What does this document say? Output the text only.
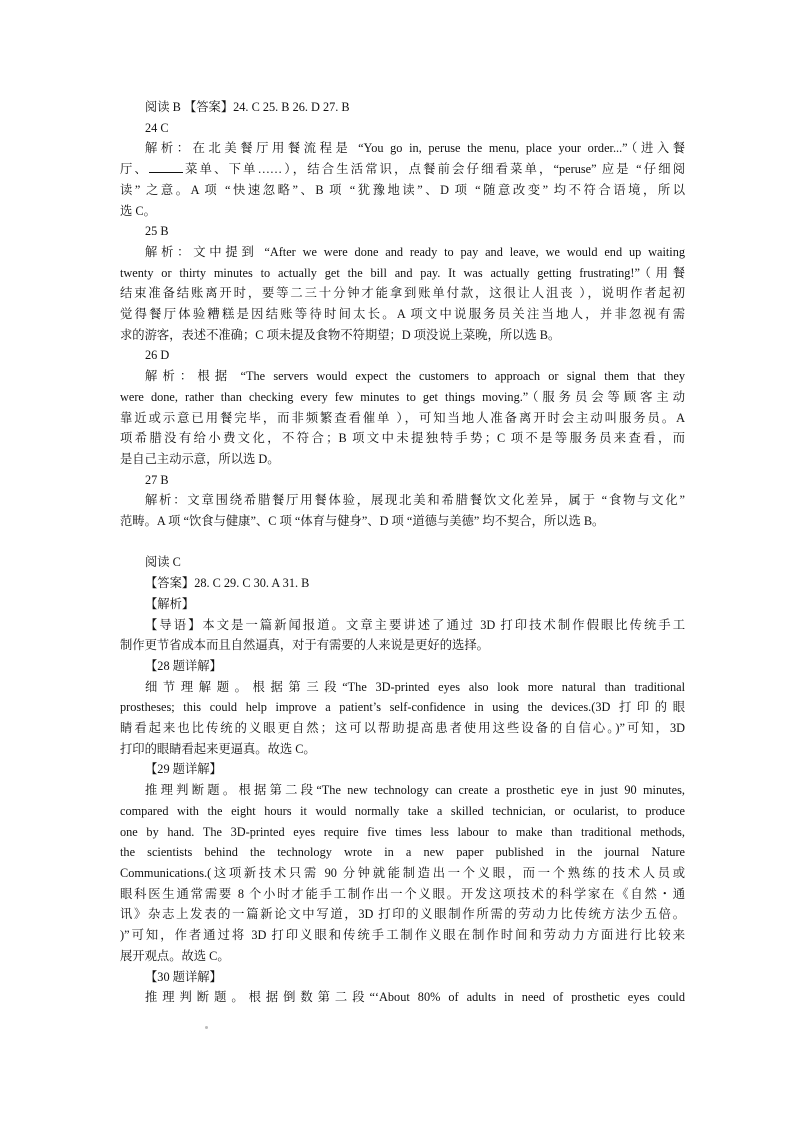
阅读 B 【答案】24. C 25. B 26. D 27. B
24 C
解析：在北美餐厅用餐流程是 “You go in, peruse the menu, place your order...”（进入餐
厅、	菜单、下单……），结合生活常识，点餐前会仔细看菜单，“peruse” 应是 “仔细阅
读” 之意。A 项 “快速忽略”、B 项 “犹豫地读”、D 项 “随意改变” 均不符合语境，所以
选 C。
25 B
解析：文中提到 “After we were done and ready to pay and leave, we would end up waiting
twenty or thirty minutes to actually get the bill and pay. It was actually getting frustrating!”（用餐
结束准备结账离开时，要等二三十分钟才能拿到账单付款，这很让人沮丧 ），说明作者起初
觉得餐厅体验糟糕是因结账等待时间太长。A 项文中说服务员关注当地人，并非忽视有需
求的游客，表述不准确；C 项未提及食物不符期望；D 项没说上菜晚，所以选 B。
26 D
解析：根据 “The servers would expect the customers to approach or signal them that they
were done, rather than checking every few minutes to get things moving.”（服务员会等顾客主动
靠近或示意已用餐完毕，而非频繁查看催单 ），可知当地人准备离开时会主动叫服务员。A
项希腊没有给小费文化，不符合；B 项文中未提独特手势；C 项不是等服务员来查看，而
是自己主动示意，所以选 D。
27 B
解析：文章围绕希腊餐厅用餐体验，展现北美和希腊餐饮文化差异，属于 “食物与文化”
范畴。A 项 “饮食与健康”、C 项 “体育与健身”、D 项 “道德与美德” 均不契合，所以选 B。
阅读 C
【答案】28. C 29. C 30. A 31. B
【解析】
【导语】本文是一篇新闻报道。文章主要讲述了通过 3D 打印技术制作假眼比传统手工
制作更节省成本而且自然逼真，对于有需要的人来说是更好的选择。
【28 题详解】
细节理解题。根据第三段“The 3D-printed eyes also look more natural than traditional
prostheses; this could help improve a patient’s self-confidence in using the devices.(3D 打印的眼
睛看起来也比传统的义眼更自然；这可以帮助提高患者使用这些设备的自信心。)”可知，3D
打印的眼睛看起来更逼真。故选 C。
【29 题详解】
推理判断题。根据第二段“The new technology can create a prosthetic eye in just 90 minutes,
compared with the eight hours it would normally take a skilled technician, or ocularist, to produce
one by hand. The 3D-printed eyes require five times less labour to make than traditional methods,
the scientists behind the technology wrote in a new paper published in the journal Nature
Communications.(这项新技术只需 90 分钟就能制造出一个义眼，而一个熟练的技术人员或
眼科医生通常需要 8 个小时才能手工制作出一个义眼。开发这项技术的科学家在《自然・通
讯》杂志上发表的一篇新论文中写道，3D 打印的义眼制作所需的劳动力比传统方法少五倍。
)”可知，作者通过将 3D 打印义眼和传统手工制作义眼在制作时间和劳动力方面进行比较来
展开观点。故选 C。
【30 题详解】
推理判断题。根据倒数第二段“‘About 80% of adults in need of prosthetic eyes could
